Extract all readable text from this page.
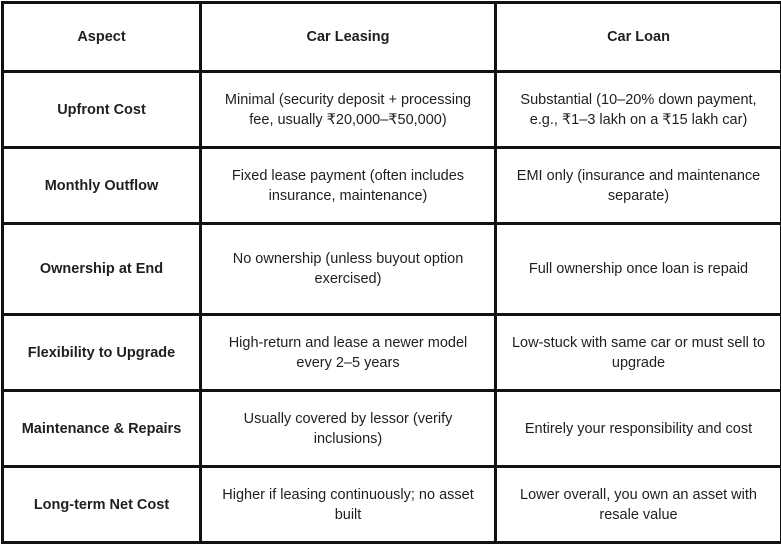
Aspect	Car Leasing	Car Loan
Upfront Cost	Minimal (security deposit + processing fee, usually ₹20,000–₹50,000)	Substantial (10–20% down payment, e.g., ₹1–3 lakh on a ₹15 lakh car)
Monthly Outflow	Fixed lease payment (often includes insurance, maintenance)	EMI only (insurance and maintenance separate)
Ownership at End	No ownership (unless buyout option exercised)	Full ownership once loan is repaid
Flexibility to Upgrade	High-return and lease a newer model every 2–5 years	Low-stuck with same car or must sell to upgrade
Maintenance & Repairs	Usually covered by lessor (verify inclusions)	Entirely your responsibility and cost
Long-term Net Cost	Higher if leasing continuously; no asset built	Lower overall, you own an asset with resale value
